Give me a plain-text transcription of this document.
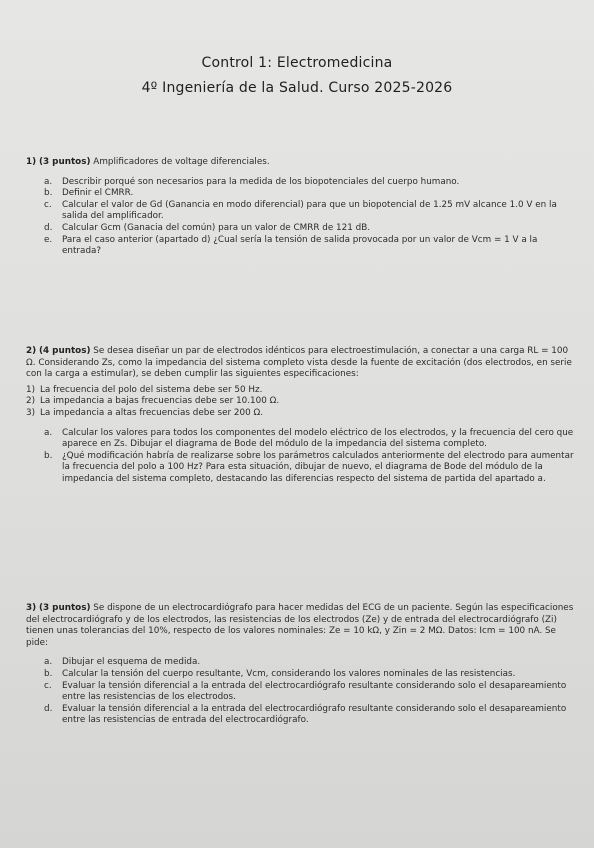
Control 1: Electromedicina
4º Ingeniería de la Salud. Curso 2025-2026
1) (3 puntos) Amplificadores de voltage diferenciales.
a. Describir porqué son necesarios para la medida de los biopotenciales del cuerpo humano.
b. Definir el CMRR.
c. Calcular el valor de Gd (Ganancia en modo diferencial) para que un biopotencial de 1.25 mV alcance 1.0 V en la salida del amplificador.
d. Calcular Gcm (Ganacia del común) para un valor de CMRR de 121 dB.
e. Para el caso anterior (apartado d) ¿Cual sería la tensión de salida provocada por un valor de Vcm = 1 V a la entrada?
2) (4 puntos) Se desea diseñar un par de electrodos idénticos para electroestimulación, a conectar a una carga RL = 100 Ω. Considerando Zs, como la impedancia del sistema completo vista desde la fuente de excitación (dos electrodos, en serie con la carga a estimular), se deben cumplir las siguientes especificaciones:
1) La frecuencia del polo del sistema debe ser 50 Hz.
2) La impedancia a bajas frecuencias debe ser 10.100 Ω.
3) La impedancia a altas frecuencias debe ser 200 Ω.
a. Calcular los valores para todos los componentes del modelo eléctrico de los electrodos, y la frecuencia del cero que aparece en Zs. Dibujar el diagrama de Bode del módulo de la impedancia del sistema completo.
b. ¿Qué modificación habría de realizarse sobre los parámetros calculados anteriormente del electrodo para aumentar la frecuencia del polo a 100 Hz? Para esta situación, dibujar de nuevo, el diagrama de Bode del módulo de la impedancia del sistema completo, destacando las diferencias respecto del sistema de partida del apartado a.
3) (3 puntos) Se dispone de un electrocardiógrafo para hacer medidas del ECG de un paciente. Según las especificaciones del electrocardiógrafo y de los electrodos, las resistencias de los electrodos (Ze) y de entrada del electrocardiógrafo (Zi) tienen unas tolerancias del 10%, respecto de los valores nominales: Ze = 10 kΩ, y Zin = 2 MΩ. Datos: Icm = 100 nA. Se pide:
a. Dibujar el esquema de medida.
b. Calcular la tensión del cuerpo resultante, Vcm, considerando los valores nominales de las resistencias.
c. Evaluar la tensión diferencial a la entrada del electrocardiógrafo resultante considerando solo el desapareamiento entre las resistencias de los electrodos.
d. Evaluar la tensión diferencial a la entrada del electrocardiógrafo resultante considerando solo el desapareamiento entre las resistencias de entrada del electrocardiógrafo.
